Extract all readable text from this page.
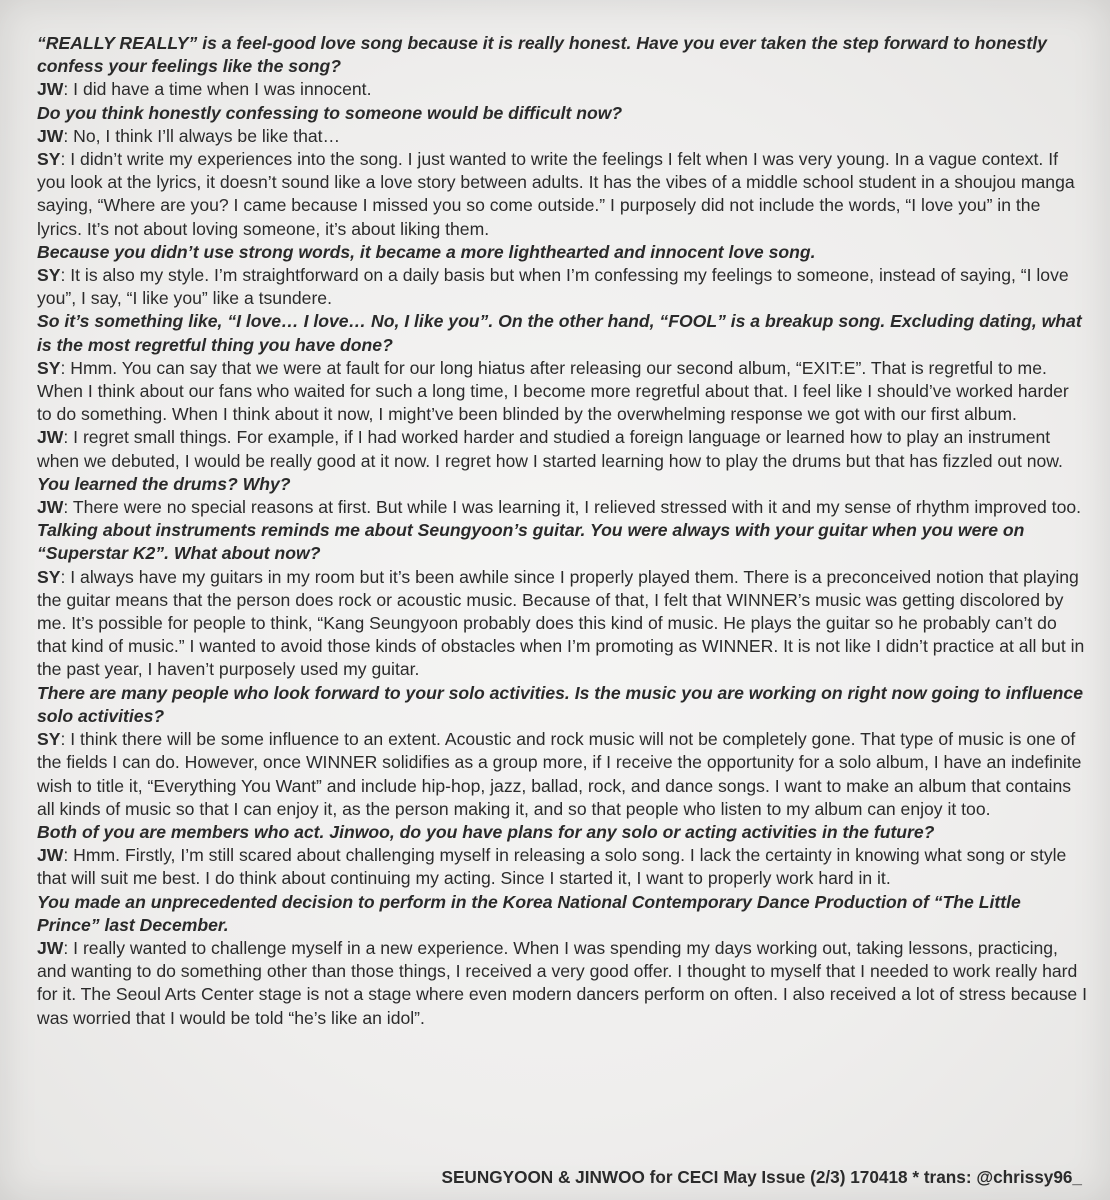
“REALLY REALLY” is a feel-good love song because it is really honest. Have you ever taken the step forward to honestly confess your feelings like the song?

JW: I did have a time when I was innocent.

Do you think honestly confessing to someone would be difficult now?

JW: No, I think I’ll always be like that…

SY: I didn’t write my experiences into the song. I just wanted to write the feelings I felt when I was very young. In a vague context. If you look at the lyrics, it doesn’t sound like a love story between adults. It has the vibes of a middle school student in a shoujou manga saying, “Where are you? I came because I missed you so come outside.” I purposely did not include the words, “I love you” in the lyrics. It’s not about loving someone, it’s about liking them.

Because you didn’t use strong words, it became a more lighthearted and innocent love song.

SY: It is also my style. I’m straightforward on a daily basis but when I’m confessing my feelings to someone, instead of saying, “I love you”, I say, “I like you” like a tsundere.

So it’s something like, “I love… I love… No, I like you”. On the other hand, “FOOL” is a breakup song. Excluding dating, what is the most regretful thing you have done?

SY: Hmm. You can say that we were at fault for our long hiatus after releasing our second album, “EXIT:E”. That is regretful to me. When I think about our fans who waited for such a long time, I become more regretful about that. I feel like I should’ve worked harder to do something. When I think about it now, I might’ve been blinded by the overwhelming response we got with our first album.

JW: I regret small things. For example, if I had worked harder and studied a foreign language or learned how to play an instrument when we debuted, I would be really good at it now. I regret how I started learning how to play the drums but that has fizzled out now.

You learned the drums? Why?

JW: There were no special reasons at first. But while I was learning it, I relieved stressed with it and my sense of rhythm improved too.

Talking about instruments reminds me about Seungyoon’s guitar. You were always with your guitar when you were on “Superstar K2”. What about now?

SY: I always have my guitars in my room but it’s been awhile since I properly played them. There is a preconceived notion that playing the guitar means that the person does rock or acoustic music. Because of that, I felt that WINNER’s music was getting discolored by me. It’s possible for people to think, “Kang Seungyoon probably does this kind of music. He plays the guitar so he probably can’t do that kind of music.” I wanted to avoid those kinds of obstacles when I’m promoting as WINNER. It is not like I didn’t practice at all but in the past year, I haven’t purposely used my guitar.

There are many people who look forward to your solo activities. Is the music you are working on right now going to influence solo activities?

SY: I think there will be some influence to an extent. Acoustic and rock music will not be completely gone. That type of music is one of the fields I can do. However, once WINNER solidifies as a group more, if I receive the opportunity for a solo album, I have an indefinite wish to title it, “Everything You Want” and include hip-hop, jazz, ballad, rock, and dance songs. I want to make an album that contains all kinds of music so that I can enjoy it, as the person making it, and so that people who listen to my album can enjoy it too.

Both of you are members who act. Jinwoo, do you have plans for any solo or acting activities in the future?

JW: Hmm. Firstly, I’m still scared about challenging myself in releasing a solo song. I lack the certainty in knowing what song or style that will suit me best. I do think about continuing my acting. Since I started it, I want to properly work hard in it.

You made an unprecedented decision to perform in the Korea National Contemporary Dance Production of “The Little Prince” last December.

JW: I really wanted to challenge myself in a new experience. When I was spending my days working out, taking lessons, practicing, and wanting to do something other than those things, I received a very good offer. I thought to myself that I needed to work really hard for it. The Seoul Arts Center stage is not a stage where even modern dancers perform on often. I also received a lot of stress because I was worried that I would be told “he’s like an idol”.

SEUNGYOON & JINWOO for CECI May Issue (2/3) 170418 * trans: @chrissy96_
